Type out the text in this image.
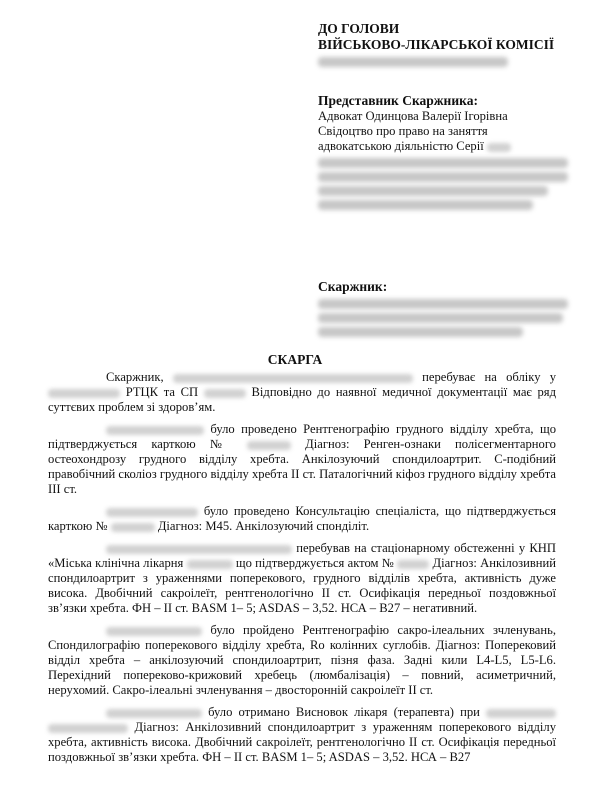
ДО ГОЛОВИ
ВІЙСЬКОВО-ЛІКАРСЬКОЇ КОМІСІЇ
Представник Скаржника:
Адвокат Одинцова Валерії Ігорівна
Свідоцтво про право на заняття
адвокатською діяльністю Серії
Скаржник:
СКАРГА

Скаржник,	перебуває на обліку у  РТЦК та СП	Відповідно до наявної медичної документації має ряд суттєвих проблем зі здоров’ям.

було проведено Рентгенографію грудного відділу хребта, що підтверджується карткою №	Діагноз: Ренген-ознаки полісегментарного остеохондрозу грудного відділу хребта. Анкілозуючий спондилоартрит. С-подібний правобічний сколіоз грудного відділу хребта ІІ ст. Паталогічний кіфоз грудного відділу хребта ІІІ ст.

було проведено Консультацію спеціаліста, що підтверджується карткою №	Діагноз: М45. Анкілозуючий спонділіт.

перебував на стаціонарному обстеженні у КНП «Міська клінічна лікарня	що підтверджується актом №	Діагноз: Анкілозивний спондилоартрит з ураженнями поперекового, грудного відділів хребта, активність дуже висока. Двобічний сакроілеїт, рентгенологічно ІІ ст. Осифікація передньої поздовжньої зв’язки хребта. ФН – ІІ ст. BASM 1– 5; ASDAS – 3,52. НСА – В27 – негативний.

було пройдено Рентгенографію сакро-ілеальних зчленувань, Спондилографію поперекового відділу хребта, Ro колінних суглобів. Діагноз: Поперековий відділ хребта – анкілозуючий спондилоартрит, пізня фаза. Задні кили L4-L5, L5-L6. Перехідний попереково-крижовий хребець (люмбалізація) – повний, асиметричний, нерухомий. Сакро-ілеальні зчленування – двосторонній сакроілеїт ІІ ст.

було отримано Висновок лікаря (терапевта) при   Діагноз: Анкілозивний спондилоартрит з ураженням поперекового відділу хребта, активність висока. Двобічний сакроілеїт, рентгенологічно ІІ ст. Осифікація передньої поздовжньої зв’язки хребта. ФН – ІІ ст. BASM 1– 5; ASDAS – 3,52. НСА – В27
